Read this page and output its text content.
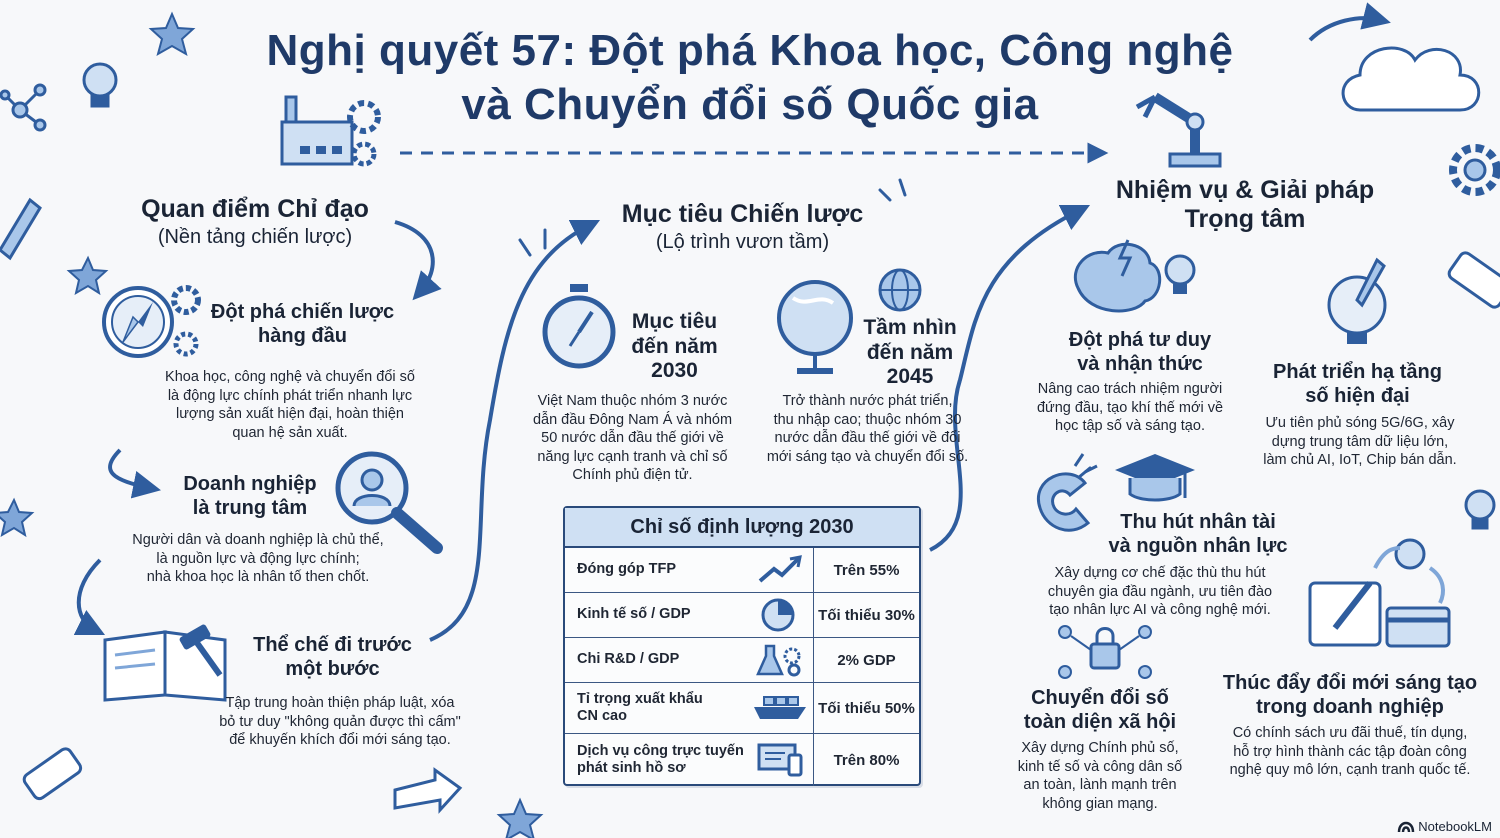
Nghị quyết 57: Đột phá Khoa học, Công nghệ
và Chuyển đổi số Quốc gia
Quan điểm Chỉ đạo
(Nền tảng chiến lược)
Đột phá chiến lược
hàng đầu
Khoa học, công nghệ và chuyển đổi số
là động lực chính phát triển nhanh lực
lượng sản xuất hiện đại, hoàn thiện
quan hệ sản xuất.
Doanh nghiệp
là trung tâm
Người dân và doanh nghiệp là chủ thể,
là nguồn lực và động lực chính;
nhà khoa học là nhân tố then chốt.
Thể chế đi trước
một bước
Tập trung hoàn thiện pháp luật, xóa
bỏ tư duy "không quản được thì cấm"
để khuyến khích đổi mới sáng tạo.
Mục tiêu Chiến lược
(Lộ trình vươn tầm)
Mục tiêu
đến năm
2030
Việt Nam thuộc nhóm 3 nước
dẫn đầu Đông Nam Á và nhóm
50 nước dẫn đầu thế giới về
năng lực cạnh tranh và chỉ số
Chính phủ điện tử.
Tầm nhìn
đến năm
2045
Trở thành nước phát triển,
thu nhập cao; thuộc nhóm 30
nước dẫn đầu thế giới về đổi
mới sáng tạo và chuyển đổi số.
Chỉ số định lượng 2030
Đóng góp TFP	Trên 55%
Kinh tế số / GDP	Tối thiểu 30%
Chi R&D / GDP	2% GDP
Tỉ trọng xuất khẩu
CN cao	Tối thiểu 50%
Dịch vụ công trực tuyến
phát sinh hồ sơ	Trên 80%
Nhiệm vụ & Giải pháp
Trọng tâm
Đột phá tư duy
và nhận thức
Nâng cao trách nhiệm người
đứng đầu, tạo khí thế mới về
học tập số và sáng tạo.
Phát triển hạ tầng
số hiện đại
Ưu tiên phủ sóng 5G/6G, xây
dựng trung tâm dữ liệu lớn,
làm chủ AI, IoT, Chip bán dẫn.
Thu hút nhân tài
và nguồn nhân lực
Xây dựng cơ chế đặc thù thu hút
chuyên gia đầu ngành, ưu tiên đào
tạo nhân lực AI và công nghệ mới.
Chuyển đổi số
toàn diện xã hội
Xây dựng Chính phủ số,
kinh tế số và công dân số
an toàn, lành mạnh trên
không gian mạng.
Thúc đẩy đổi mới sáng tạo
trong doanh nghiệp
Có chính sách ưu đãi thuế, tín dụng,
hỗ trợ hình thành các tập đoàn công
nghệ quy mô lớn, cạnh tranh quốc tế.
NotebookLM
